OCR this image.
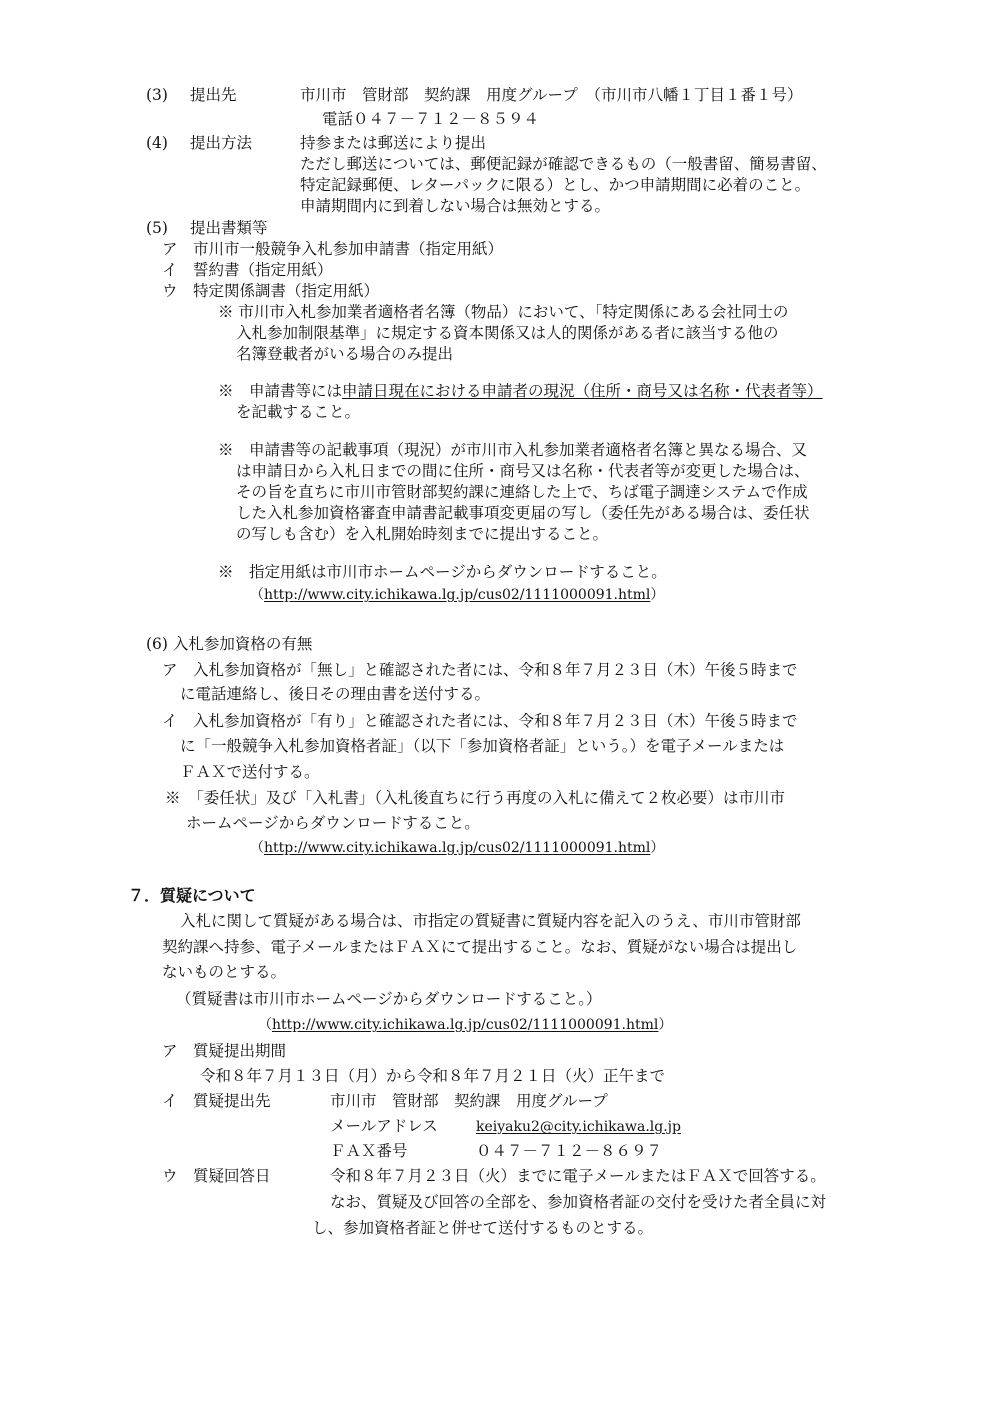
(3) 提出先	市川市　管財部　契約課　用度グループ　（市川市八幡１丁目１番１号）
電話０４７－７１２－８５９４
(4) 提出方法	持参または郵送により提出
ただし郵送については、郵便記録が確認できるもの（一般書留、簡易書留、
特定記録郵便、レターパックに限る）とし、かつ申請期間に必着のこと。
申請期間内に到着しない場合は無効とする。
(5) 提出書類等
ア　市川市一般競争入札参加申請書（指定用紙）
イ　誓約書（指定用紙）
ウ　特定関係調書（指定用紙）
※ 市川市入札参加業者適格者名簿（物品）において、「特定関係にある会社同士の
入札参加制限基準」に規定する資本関係又は人的関係がある者に該当する他の
名簿登載者がいる場合のみ提出
※　申請書等には申請日現在における申請者の現況（住所・商号又は名称・代表者等）
を記載すること。
※　申請書等の記載事項（現況）が市川市入札参加業者適格者名簿と異なる場合、又
は申請日から入札日までの間に住所・商号又は名称・代表者等が変更した場合は、
その旨を直ちに市川市管財部契約課に連絡した上で、ちば電子調達システムで作成
した入札参加資格審査申請書記載事項変更届の写し（委任先がある場合は、委任状
の写しも含む）を入札開始時刻までに提出すること。
※　指定用紙は市川市ホームページからダウンロードすること。
（http://www.city.ichikawa.lg.jp/cus02/1111000091.html）
(6) 入札参加資格の有無
ア　入札参加資格が「無し」と確認された者には、令和８年７月２３日（木）午後５時まで
に電話連絡し、後日その理由書を送付する。
イ　入札参加資格が「有り」と確認された者には、令和８年７月２３日（木）午後５時まで
に「一般競争入札参加資格者証」（以下「参加資格者証」という。）を電子メールまたは
ＦＡＸで送付する。
※　「委任状」及び「入札書」（入札後直ちに行う再度の入札に備えて２枚必要）は市川市
ホームページからダウンロードすること。
（http://www.city.ichikawa.lg.jp/cus02/1111000091.html）
７．質疑について
入札に関して質疑がある場合は、市指定の質疑書に質疑内容を記入のうえ、市川市管財部
契約課へ持参、電子メールまたはＦＡＸにて提出すること。なお、質疑がない場合は提出し
ないものとする。
（質疑書は市川市ホームページからダウンロードすること。）
（http://www.city.ichikawa.lg.jp/cus02/1111000091.html）
ア　質疑提出期間
令和８年７月１３日（月）から令和８年７月２１日（火）正午まで
イ　質疑提出先	市川市　管財部　契約課　用度グループ
メールアドレス	keiyaku2@city.ichikawa.lg.jp
ＦＡＸ番号	０４７－７１２－８６９７
ウ　質疑回答日	令和８年７月２３日（火）までに電子メールまたはＦＡＸで回答する。
なお、質疑及び回答の全部を、参加資格者証の交付を受けた者全員に対
し、参加資格者証と併せて送付するものとする。
